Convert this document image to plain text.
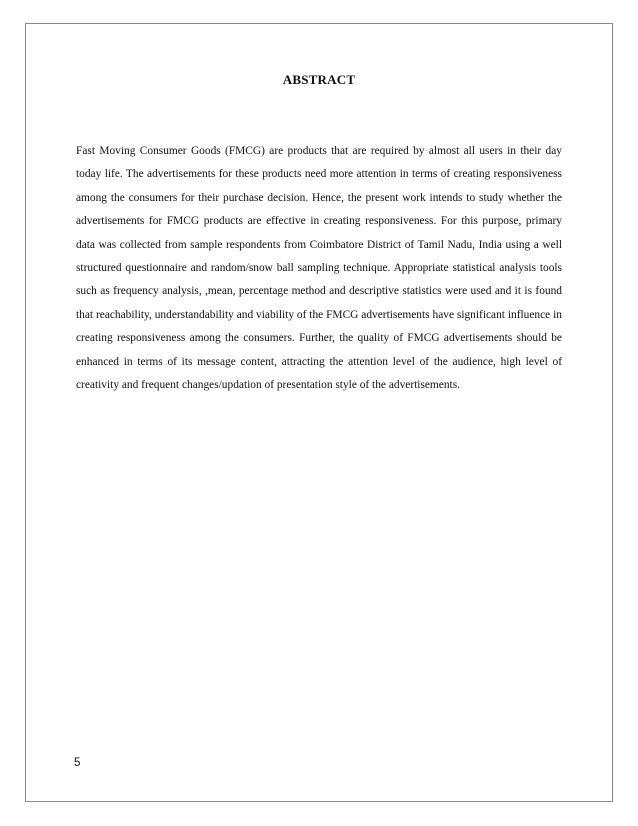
ABSTRACT

Fast Moving Consumer Goods (FMCG) are products that are required by almost all users in their day today life. The advertisements for these products need more attention in terms of creating responsiveness among the consumers for their purchase decision. Hence, the present work intends to study whether the advertisements for FMCG products are effective in creating responsiveness. For this purpose, primary data was collected from sample respondents from Coimbatore District of Tamil Nadu, India using a well structured questionnaire and random/snow ball sampling technique. Appropriate statistical analysis tools such as frequency analysis, ,mean, percentage method and descriptive statistics were used and it is found that reachability, understandability and viability of the FMCG advertisements have significant influence in creating responsiveness among the consumers. Further, the quality of FMCG advertisements should be enhanced in terms of its message content, attracting the attention level of the audience, high level of creativity and frequent changes/updation of presentation style of the advertisements.

5
